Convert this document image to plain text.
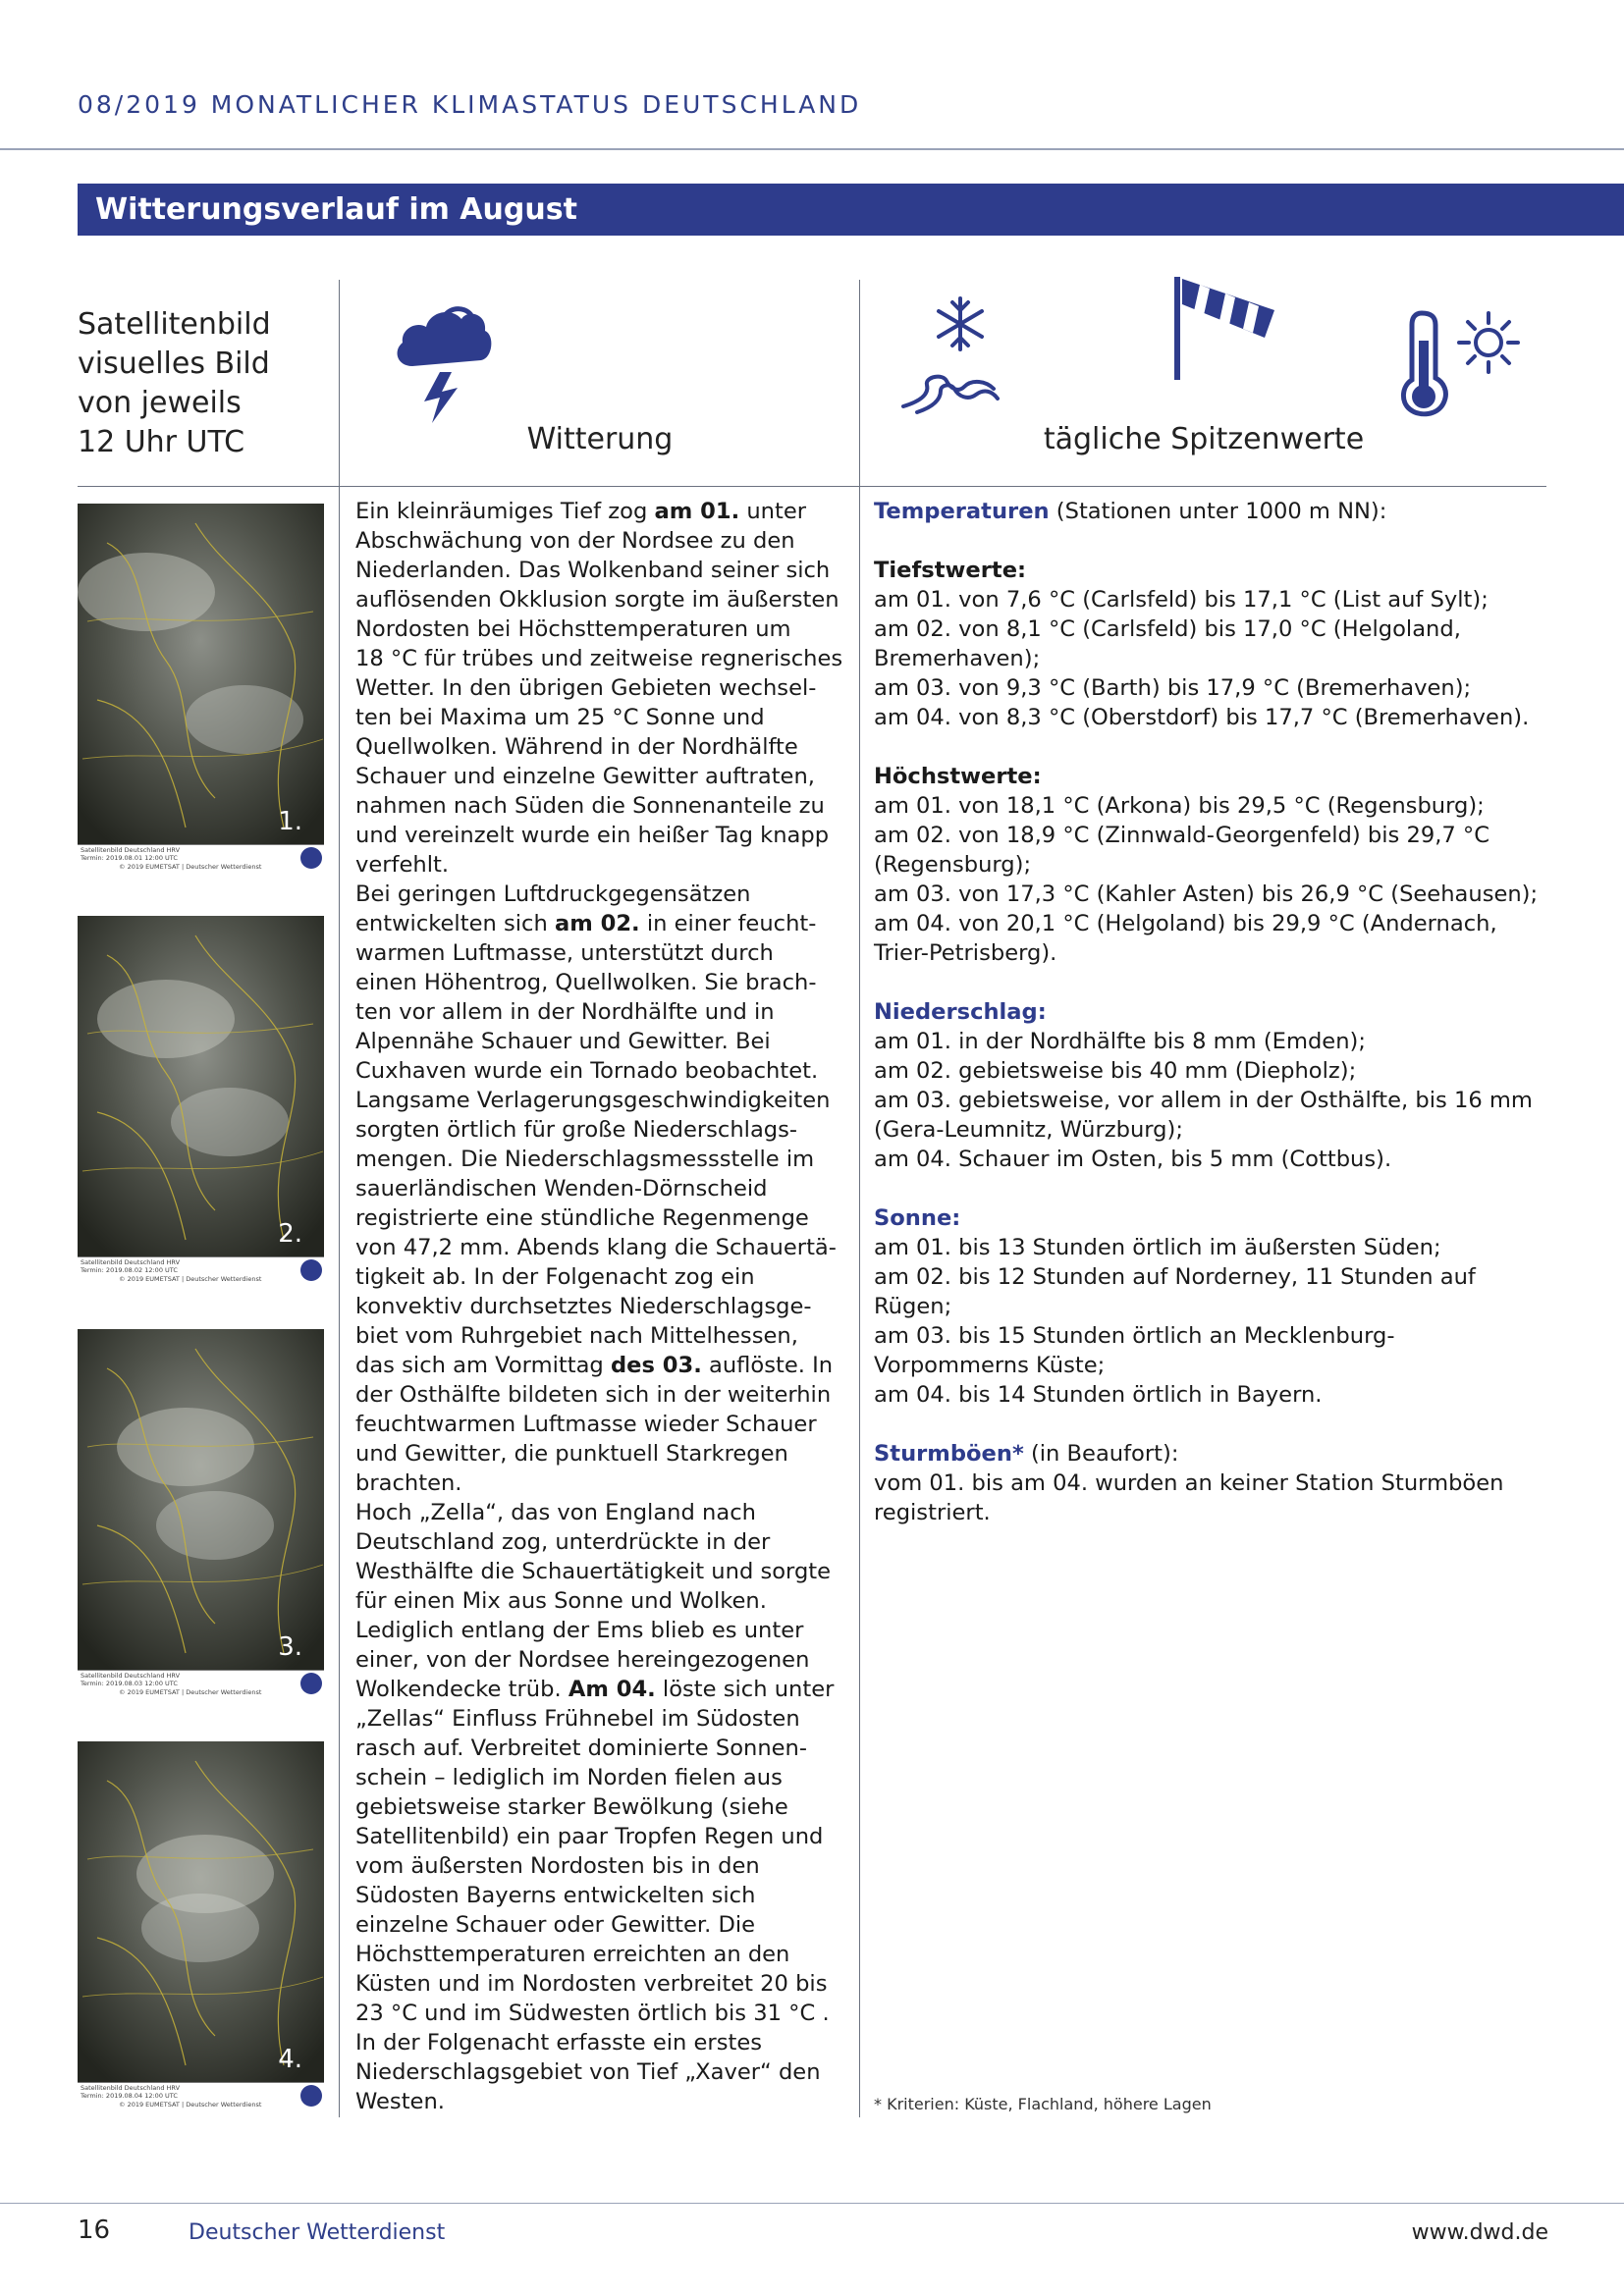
08/2019 MONATLICHER KLIMASTATUS DEUTSCHLAND
Witterungsverlauf im August
Satellitenbild
visuelles Bild
von jeweils
12 Uhr UTC	Witterung	tägliche Spitzenwerte
1.
Satellitenbild Deutschland HRV
Termin: 2019.08.01 12:00 UTC
© 2019 EUMETSAT | Deutscher Wetterdienst
2.
Satellitenbild Deutschland HRV
Termin: 2019.08.02 12:00 UTC
© 2019 EUMETSAT | Deutscher Wetterdienst
3.
Satellitenbild Deutschland HRV
Termin: 2019.08.03 12:00 UTC
© 2019 EUMETSAT | Deutscher Wetterdienst
4.
Satellitenbild Deutschland HRV
Termin: 2019.08.04 12:00 UTC
© 2019 EUMETSAT | Deutscher Wetterdienst
Ein kleinräumiges Tief zog am 01. unter
Abschwächung von der Nordsee zu den
Niederlanden. Das Wolkenband seiner sich
auflösenden Okklusion sorgte im äußersten
Nordosten bei Höchsttemperaturen um
18 °C für trübes und zeitweise regnerisches
Wetter. In den übrigen Gebieten wechsel-
ten bei Maxima um 25 °C Sonne und
Quellwolken. Während in der Nordhälfte
Schauer und einzelne Gewitter auftraten,
nahmen nach Süden die Sonnenanteile zu
und vereinzelt wurde ein heißer Tag knapp
verfehlt.
Bei geringen Luftdruckgegensätzen
entwickelten sich am 02. in einer feucht-
warmen Luftmasse, unterstützt durch
einen Höhentrog, Quellwolken. Sie brach-
ten vor allem in der Nordhälfte und in
Alpennähe Schauer und Gewitter. Bei
Cuxhaven wurde ein Tornado beobachtet.
Langsame Verlagerungsgeschwindigkeiten
sorgten örtlich für große Niederschlags-
mengen. Die Niederschlagsmessstelle im
sauerländischen Wenden-Dörnscheid
registrierte eine stündliche Regenmenge
von 47,2 mm. Abends klang die Schauertä-
tigkeit ab. In der Folgenacht zog ein
konvektiv durchsetztes Niederschlagsge-
biet vom Ruhrgebiet nach Mittelhessen,
das sich am Vormittag des 03. auflöste. In
der Osthälfte bildeten sich in der weiterhin
feuchtwarmen Luftmasse wieder Schauer
und Gewitter, die punktuell Starkregen
brachten.
Hoch „Zella“, das von England nach
Deutschland zog, unterdrückte in der
Westhälfte die Schauertätigkeit und sorgte
für einen Mix aus Sonne und Wolken.
Lediglich entlang der Ems blieb es unter
einer, von der Nordsee hereingezogenen
Wolkendecke trüb. Am 04. löste sich unter
„Zellas“ Einfluss Frühnebel im Südosten
rasch auf. Verbreitet dominierte Sonnen-
schein – lediglich im Norden fielen aus
gebietsweise starker Bewölkung (siehe
Satellitenbild) ein paar Tropfen Regen und
vom äußersten Nordosten bis in den
Südosten Bayerns entwickelten sich
einzelne Schauer oder Gewitter. Die
Höchsttemperaturen erreichten an den
Küsten und im Nordosten verbreitet 20 bis
23 °C und im Südwesten örtlich bis 31 °C .
In der Folgenacht erfasste ein erstes
Niederschlagsgebiet von Tief „Xaver“ den
Westen.
Temperaturen (Stationen unter 1000 m NN):
Tiefstwerte:
am 01. von 7,6 °C (Carlsfeld) bis 17,1 °C (List auf Sylt);
am 02. von 8,1 °C (Carlsfeld) bis 17,0 °C (Helgoland,
Bremerhaven);
am 03. von 9,3 °C (Barth) bis 17,9 °C (Bremerhaven);
am 04. von 8,3 °C (Oberstdorf) bis 17,7 °C (Bremerhaven).
Höchstwerte:
am 01. von 18,1 °C (Arkona) bis 29,5 °C (Regensburg);
am 02. von 18,9 °C (Zinnwald-Georgenfeld) bis 29,7 °C
(Regensburg);
am 03. von 17,3 °C (Kahler Asten) bis 26,9 °C (Seehausen);
am 04. von 20,1 °C (Helgoland) bis 29,9 °C (Andernach,
Trier-Petrisberg).
Niederschlag:
am 01. in der Nordhälfte bis 8 mm (Emden);
am 02. gebietsweise bis 40 mm (Diepholz);
am 03. gebietsweise, vor allem in der Osthälfte, bis 16 mm
(Gera-Leumnitz, Würzburg);
am 04. Schauer im Osten, bis 5 mm (Cottbus).
Sonne:
am 01. bis 13 Stunden örtlich im äußersten Süden;
am 02. bis 12 Stunden auf Norderney, 11 Stunden auf
Rügen;
am 03. bis 15 Stunden örtlich an Mecklenburg-
Vorpommerns Küste;
am 04. bis 14 Stunden örtlich in Bayern.
Sturmböen* (in Beaufort):
vom 01. bis am 04. wurden an keiner Station Sturmböen
registriert.
* Kriterien: Küste, Flachland, höhere Lagen
16	Deutscher Wetterdienst	www.dwd.de
